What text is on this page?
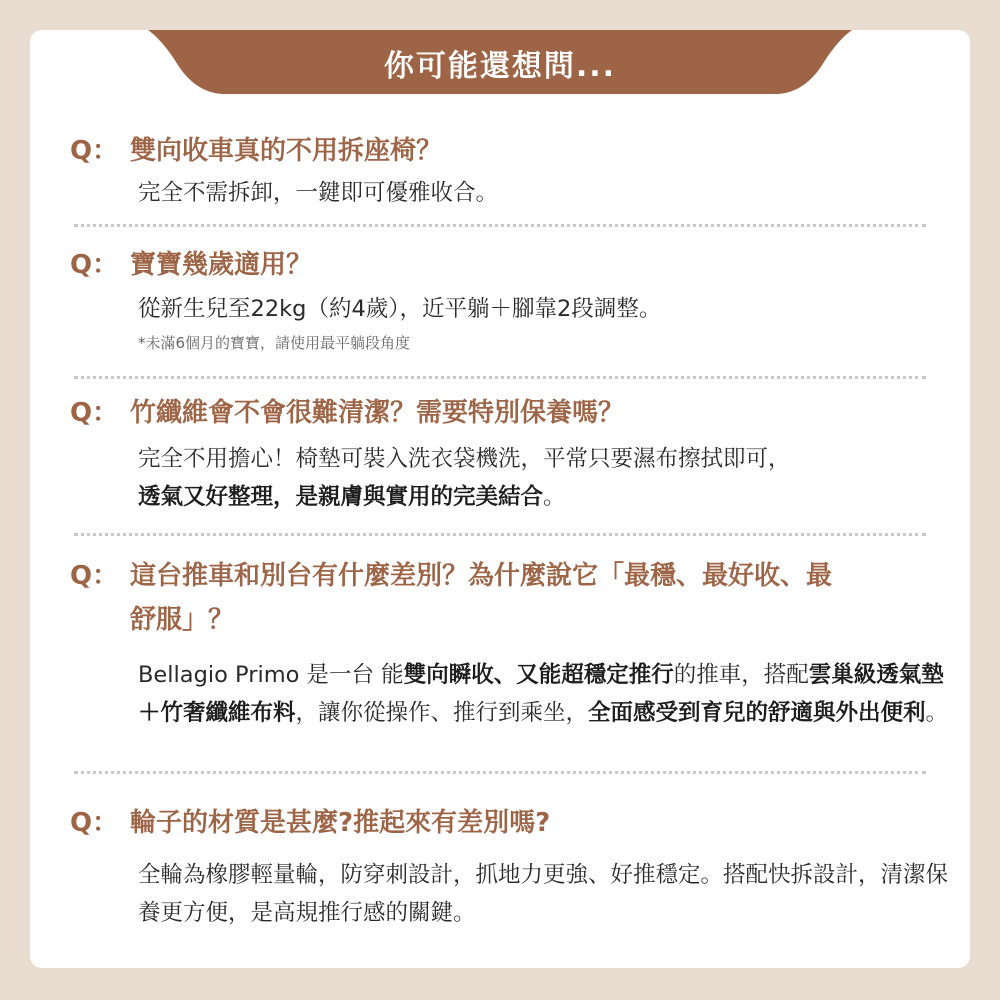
你可能還想問...
Q： 雙向收車真的不用拆座椅？
完全不需拆卸，一鍵即可優雅收合。
Q： 寶寶幾歲適用？
從新生兒至22kg（約4歲），近平躺＋腳靠2段調整。
*未滿6個月的寶寶，請使用最平躺段角度
Q： 竹纖維會不會很難清潔？需要特別保養嗎？
完全不用擔心！椅墊可裝入洗衣袋機洗，平常只要濕布擦拭即可，
透氣又好整理，是親膚與實用的完美結合。
Q： 這台推車和別台有什麼差別？為什麼說它「最穩、最好收、最舒服」？
Bellagio Primo 是一台 能雙向瞬收、又能超穩定推行的推車，搭配雲巢級透氣墊＋竹奢纖維布料，讓你從操作、推行到乘坐，全面感受到育兒的舒適與外出便利。
Q： 輪子的材質是甚麼?推起來有差別嗎?
全輪為橡膠輕量輪，防穿刺設計，抓地力更強、好推穩定。搭配快拆設計，清潔保養更方便，是高規推行感的關鍵。
